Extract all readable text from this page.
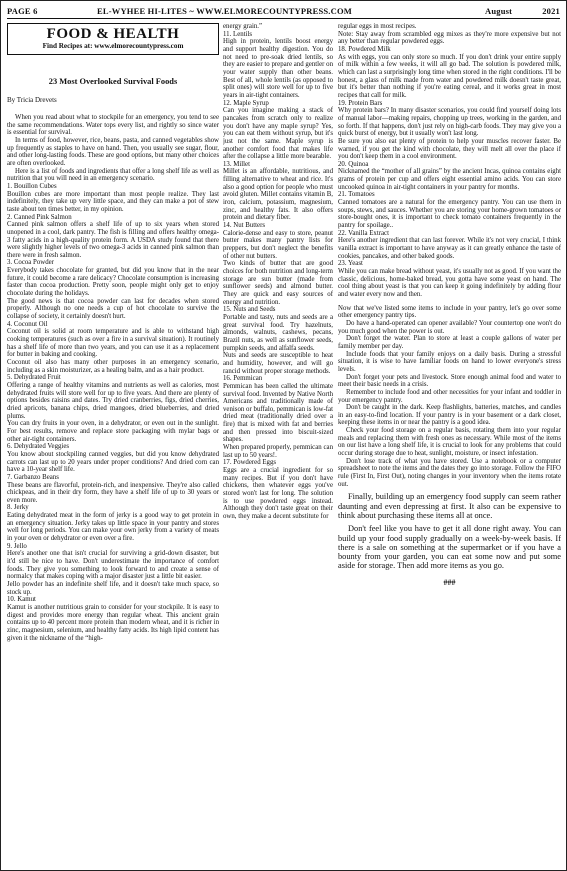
PAGE 6	EL-WYHEE HI-LITES ~ WWW.ELMORECOUNTYPRESS.COM	August	2021
FOOD & HEALTH
Find Recipes at: www.elmorecountypress.com
23 Most Overlooked Survival Foods
By Tricia Drevets

When you read about what to stockpile for an emergency, you tend to see the same recommendations. Water tops every list, and rightly so since water is essential for survival.

In terms of food, however, rice, beans, pasta, and canned vegetables show up frequently as staples to have on hand. Then, you usually see sugar, flour, and other long-lasting foods. These are good options, but many other choices are often overlooked.

Here is a list of foods and ingredients that offer a long shelf life as well as nutrition that you will need in an emergency scenario.

1. Bouillon Cubes

Bouillon cubes are more important than most people realize. They last indefinitely, they take up very little space, and they can make a pot of stew taste about ten times better, in my opinion.

2. Canned Pink Salmon

Canned pink salmon offers a shelf life of up to six years when stored unopened in a cool, dark pantry. The fish is filling and offers healthy omega-3 fatty acids in a high-quality protein form. A USDA study found that there were slightly higher levels of two omega-3 acids in canned pink salmon than there were in fresh salmon.

3. Cocoa Powder

Everybody takes chocolate for granted, but did you know that in the near future, it could become a rare delicacy? Chocolate consumption is increasing faster than cocoa production. Pretty soon, people might only get to enjoy chocolate during the holidays.

The good news is that cocoa powder can last for decades when stored properly. Although no one needs a cup of hot chocolate to survive the collapse of society, it certainly doesn't hurt.

4. Coconut Oil

Coconut oil is solid at room temperature and is able to withstand high cooking temperatures (such as over a fire in a survival situation). It routinely has a shelf life of more than two years, and you can use it as a replacement for butter in baking and cooking.

Coconut oil also has many other purposes in an emergency scenario, including as a skin moisturizer, as a healing balm, and as a hair product.

5. Dehydrated Fruit

Offering a range of healthy vitamins and nutrients as well as calories, most dehydrated fruits will store well for up to five years. And there are plenty of options besides raisins and dates. Try dried cranberries, figs, dried cherries, dried apricots, banana chips, dried mangoes, dried blueberries, and dried plums.

You can dry fruits in your oven, in a dehydrator, or even out in the sunlight. For best results, remove and replace store packaging with mylar bags or other air-tight containers.

6. Dehydrated Veggies

You know about stockpiling canned veggies, but did you know dehydrated carrots can last up to 20 years under proper conditions? And dried corn can have a 10-year shelf life.

7. Garbanzo Beans

These beans are flavorful, protein-rich, and inexpensive. They're also called chickpeas, and in their dry form, they have a shelf life of up to 30 years or even more.

8. Jerky

Eating dehydrated meat in the form of jerky is a good way to get protein in an emergency situation. Jerky takes up little space in your pantry and stores well for long periods. You can make your own jerky from a variety of meats in your oven or dehydrator or even over a fire.

9. Jello

Here's another one that isn't crucial for surviving a grid-down disaster, but it'd still be nice to have. Don't underestimate the importance of comfort foods. They give you something to look forward to and create a sense of normalcy that makes coping with a major disaster just a little bit easier.

Jello powder has an indefinite shelf life, and it doesn't take much space, so stock up.

10. Kamut

Kamut is another nutritious grain to consider for your stockpile. It is easy to digest and provides more energy than regular wheat. This ancient grain contains up to 40 percent more protein than modern wheat, and it is richer in zinc, magnesium, selenium, and healthy fatty acids. Its high lipid content has given it the nickname of the “high-

energy grain.”

11. Lentils

High in protein, lentils boost energy and support healthy digestion. You do not need to pre-soak dried lentils, so they are easier to prepare and gentler on your water supply than other beans. Best of all, whole lentils (as opposed to split ones) will store well for up to five years in air-tight containers.

12. Maple Syrup

Can you imagine making a stack of pancakes from scratch only to realize you don't have any maple syrup? Yes, you can eat them without syrup, but it's just not the same. Maple syrup is another comfort food that makes life after the collapse a little more bearable.

13. Millet

Millet is an affordable, nutritious, and filling alternative to wheat and rice. It's also a good option for people who must avoid gluten. Millet contains vitamin B, iron, calcium, potassium, magnesium, zinc, and healthy fats. It also offers protein and dietary fiber.

14. Nut Butters

Calorie-dense and easy to store, peanut butter makes many pantry lists for preppers, but don't neglect the benefits of other nut butters.

Two kinds of butter that are good choices for both nutrition and long-term storage are sun butter (made from sunflower seeds) and almond butter. They are quick and easy sources of energy and nutrition.

15. Nuts and Seeds

Portable and tasty, nuts and seeds are a great survival food. Try hazelnuts, almonds, walnuts, cashews, pecans, Brazil nuts, as well as sunflower seeds, pumpkin seeds, and alfalfa seeds.

Nuts and seeds are susceptible to heat and humidity, however, and will go rancid without proper storage methods.

16. Pemmican

Pemmican has been called the ultimate survival food. Invented by Native North Americans and traditionally made of venison or buffalo, pemmican is low-fat dried meat (traditionally dried over a fire) that is mixed with fat and berries and then pressed into biscuit-sized shapes.

When prepared properly, pemmican can last up to 50 years!.

17. Powdered Eggs

Eggs are a crucial ingredient for so many recipes. But if you don't have chickens, then whatever eggs you've stored won't last for long. The solution is to use powdered eggs instead. Although they don't taste great on their own, they make a decent substitute for

regular eggs in most recipes.

Note: Stay away from scrambled egg mixes as they're more expensive but not any better than regular powdered eggs.

18. Powdered Milk

As with eggs, you can only store so much. If you don't drink your entire supply of milk within a few weeks, it will all go bad. The solution is powdered milk, which can last a surprisingly long time when stored in the right conditions. I'll be honest, a glass of milk made from water and powdered milk doesn't taste great, but it's better than nothing if you're eating cereal, and it works great in most recipes that call for milk.

19. Protein Bars

Why protein bars? In many disaster scenarios, you could find yourself doing lots of manual labor—making repairs, chopping up trees, working in the garden, and so forth. If that happens, don't just rely on high-carb foods. They may give you a quick burst of energy, but it usually won't last long.

Be sure you also eat plenty of protein to help your muscles recover faster. Be warned, if you get the kind with chocolate, they will melt all over the place if you don't keep them in a cool environment.

20. Quinoa

Nicknamed the “mother of all grains” by the ancient Incas, quinoa contains eight grams of protein per cup and offers eight essential amino acids. You can store uncooked quinoa in air-tight containers in your pantry for months.

21. Tomatoes

Canned tomatoes are a natural for the emergency pantry. You can use them in soups, stews, and sauces. Whether you are storing your home-grown tomatoes or store-bought ones, it is important to check tomato containers frequently in the pantry for spoilage..

22. Vanilla Extract

Here's another ingredient that can last forever. While it's not very crucial, I think vanilla extract is important to have anyway as it can greatly enhance the taste of cookies, pancakes, and other baked goods.

23. Yeast

While you can make bread without yeast, it's usually not as good. If you want the classic, delicious, home-baked bread, you gotta have some yeast on hand. The cool thing about yeast is that you can keep it going indefinitely by adding flour and water every now and then.

Now that we've listed some items to include in your pantry, let's go over some other emergency pantry tips.

Do have a hand-operated can opener available? Your countertop one won't do you much good when the power is out.

Don't forget the water. Plan to store at least a couple gallons of water per family member per day.

Include foods that your family enjoys on a daily basis. During a stressful situation, it is wise to have familiar foods on hand to lower everyone's stress levels.

Don't forget your pets and livestock. Store enough animal food and water to meet their basic needs in a crisis.

Remember to include food and other necessities for your infant and toddler in your emergency pantry.

Don't be caught in the dark. Keep flashlights, batteries, matches, and candles in an easy-to-find location. If your pantry is in your basement or a dark closet, keeping these items in or near the pantry is a good idea.

Check your food storage on a regular basis, rotating them into your regular meals and replacing them with fresh ones as necessary. While most of the items on our list have a long shelf life, it is crucial to look for any problems that could occur during storage due to heat, sunlight, moisture, or insect infestation.

Don't lose track of what you have stored. Use a notebook or a computer spreadsheet to note the items and the dates they go into storage. Follow the FIFO rule (First In, First Out), noting changes in your inventory when the items rotate out.

Finally, building up an emergency food supply can seem rather daunting and even depressing at first. It also can be expensive to think about purchasing these items all at once.

Don't feel like you have to get it all done right away. You can build up your food supply gradually on a week-by-week basis. If there is a sale on something at the supermarket or if you have a bounty from your garden, you can eat some now and put some aside for storage. Then add more items as you go.

###
